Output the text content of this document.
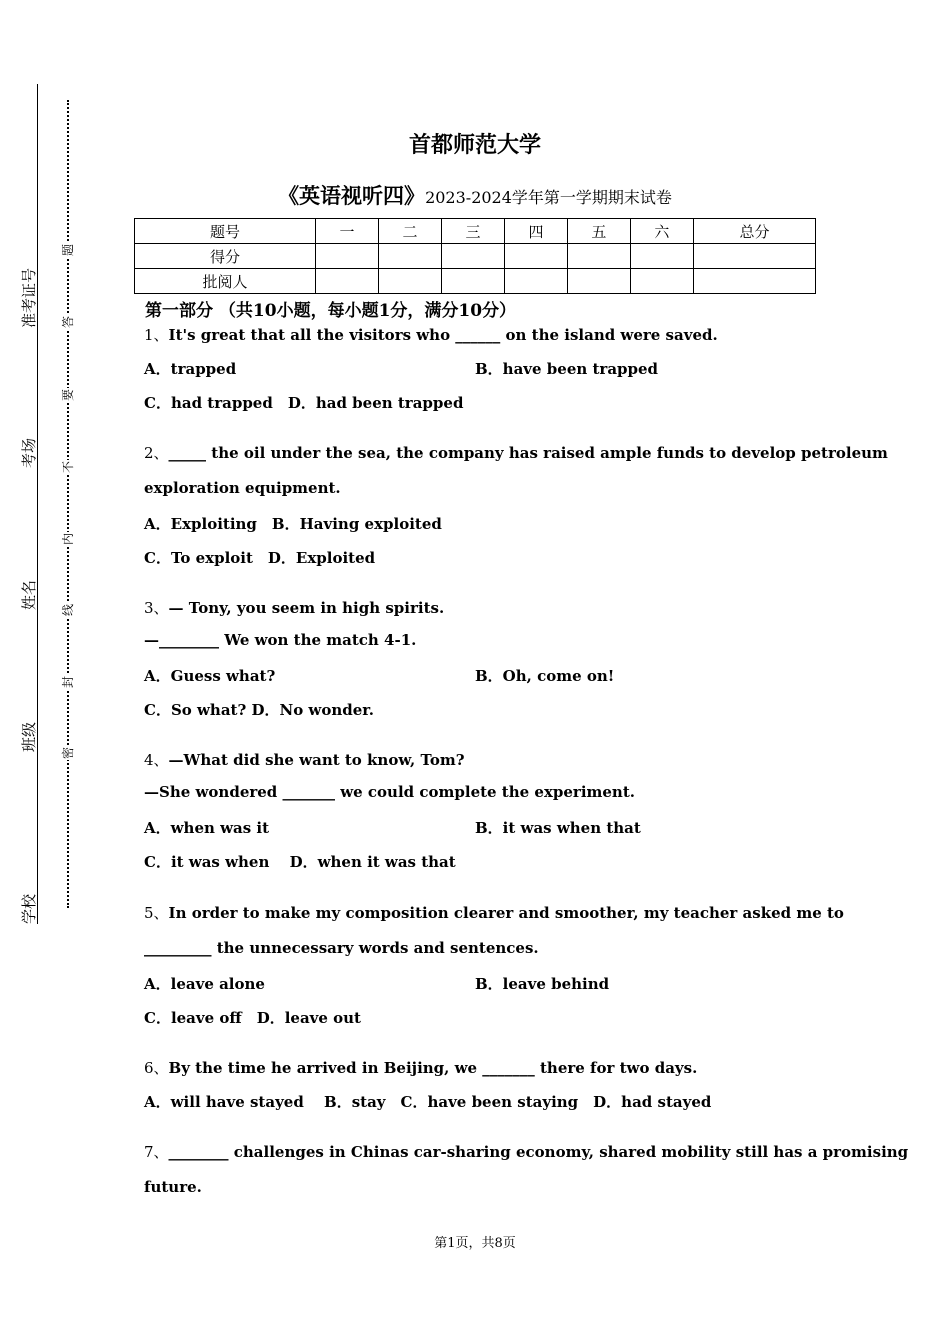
准考证号
考场
姓名
班级
学校
题
答
要
不
内
线
封
密
首都师范大学
《英语视听四》2023-2024学年第一学期期末试卷
题号	一	二	三	四	五	六	总分
得分							
批阅人							
第一部分 （共10小题，每小题1分，满分10分）
1、It's great that all the visitors who ______ on the island were saved.
A．trapped	B．have been trapped
C．had trapped　D．had been trapped
2、_____ the oil under the sea, the company has raised ample funds to develop petroleum
exploration equipment.
A．Exploiting　B．Having exploited
C．To exploit　D．Exploited
3、— Tony, you seem in high spirits.
—________ We won the match 4-1.
A．Guess what?	B．Oh, come on!
C．So what? D．No wonder.
4、—What did she want to know, Tom?
—She wondered _______ we could complete the experiment.
A．when was it	B．it was when that
C．it was when　 D．when it was that
5、In order to make my composition clearer and smoother, my teacher asked me to
_________ the unnecessary words and sentences.
A．leave alone	B．leave behind
C．leave off　D．leave out
6、By the time he arrived in Beijing, we _______ there for two days.
A．will have stayed　 B．stay　C．have been staying　D．had stayed
7、________ challenges in Chinas car-sharing economy, shared mobility still has a promising
future.
第1页，共8页
